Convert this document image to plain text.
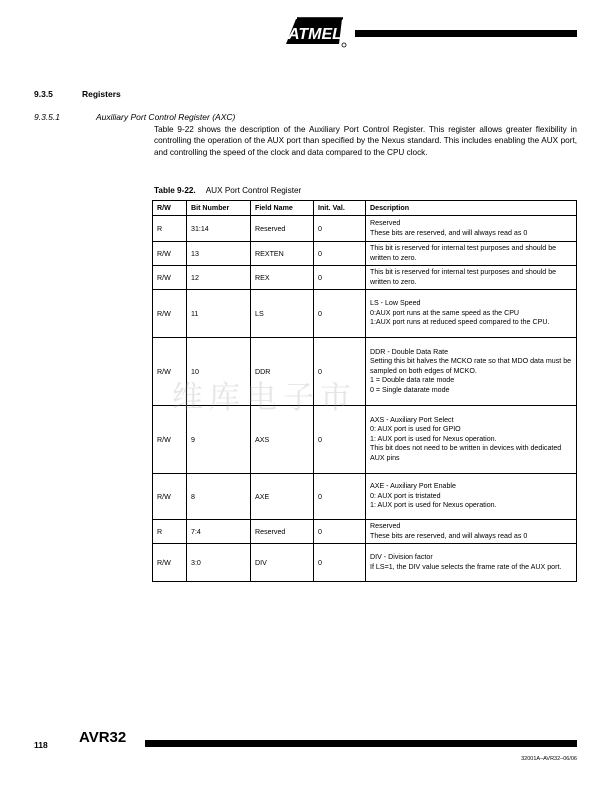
ATMEL
9.3.5	Registers
9.3.5.1	Auxiliary Port Control Register (AXC)

Table 9-22 shows the description of the Auxiliary Port Control Register. This register allows greater flexibility in controlling the operation of the AUX port than specified by the Nexus standard. This includes enabling the AUX port, and controlling the speed of the clock and data compared to the CPU clock.

Table 9-22. AUX Port Control Register
R/W	Bit Number	Field Name	Init. Val.	Description
R	31:14	Reserved	0	Reserved
These bits are reserved, and will always read as 0

R/W	13	REXTEN	0	This bit is reserved for internal test purposes and should be written to zero.

R/W	12	REX	0	This bit is reserved for internal test purposes and should be written to zero.

R/W	11	LS	0	LS - Low Speed
0:AUX port runs at the same speed as the CPU
1:AUX port runs at reduced speed compared to the CPU.

R/W	10	DDR	0	DDR - Double Data Rate
Setting this bit halves the MCKO rate so that MDO data must be sampled on both edges of MCKO.
1 = Double data rate mode
0 = Single datarate mode

R/W	9	AXS	0	AXS - Auxiliary Port Select
0: AUX port is used for GPIO
1: AUX port is used for Nexus operation.
This bit does not need to be written in devices with dedicated AUX pins

R/W	8	AXE	0	AXE - Auxiliary Port Enable
0: AUX port is tristated
1: AUX port is used for Nexus operation.

R	7:4	Reserved	0	Reserved
These bits are reserved, and will always read as 0

R/W	3:0	DIV	0	DIV - Division factor
If LS=1, the DIV value selects the frame rate of the AUX port.
维库电子市
118 AVR32
32001A–AVR32–06/06
